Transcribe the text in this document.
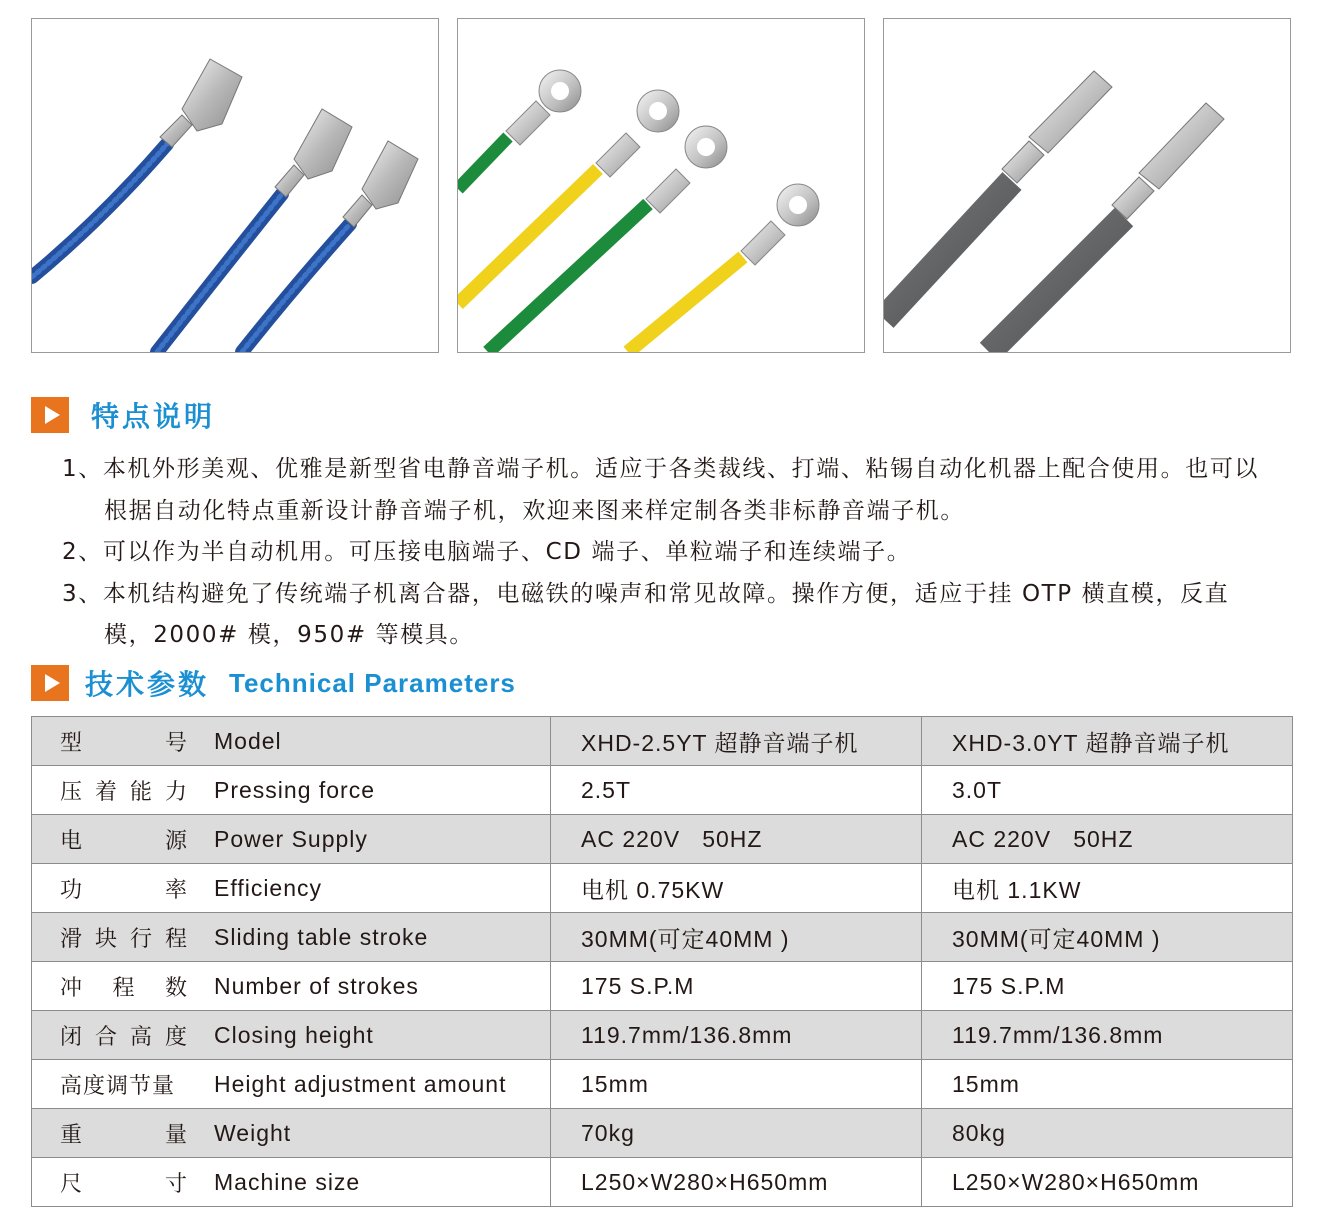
特点说明
1、本机外形美观、优雅是新型省电静音端子机。适应于各类裁线、打端、粘锡自动化机器上配合使用。也可以根据自动化特点重新设计静音端子机，欢迎来图来样定制各类非标静音端子机。
2、可以作为半自动机用。可压接电脑端子、CD 端子、单粒端子和连续端子。
3、本机结构避免了传统端子机离合器，电磁铁的噪声和常见故障。操作方便，适应于挂 OTP 横直模，反直模，2000# 模，950# 等模具。
技术参数 Technical Parameters
型号 Model	XHD-2.5YT 超静音端子机	XHD-3.0YT 超静音端子机
压着能力 Pressing force	2.5T	3.0T
电源 Power Supply	AC 220V   50HZ	AC 220V   50HZ
功率 Efficiency	电机 0.75KW	电机 1.1KW
滑块行程 Sliding table stroke	30MM(可定40MM )	30MM(可定40MM )
冲程数 Number of strokes	175 S.P.M	175 S.P.M
闭合高度 Closing height	119.7mm/136.8mm	119.7mm/136.8mm
高度调节量 Height adjustment amount	15mm	15mm
重量 Weight	70kg	80kg
尺寸 Machine size	L250×W280×H650mm	L250×W280×H650mm
